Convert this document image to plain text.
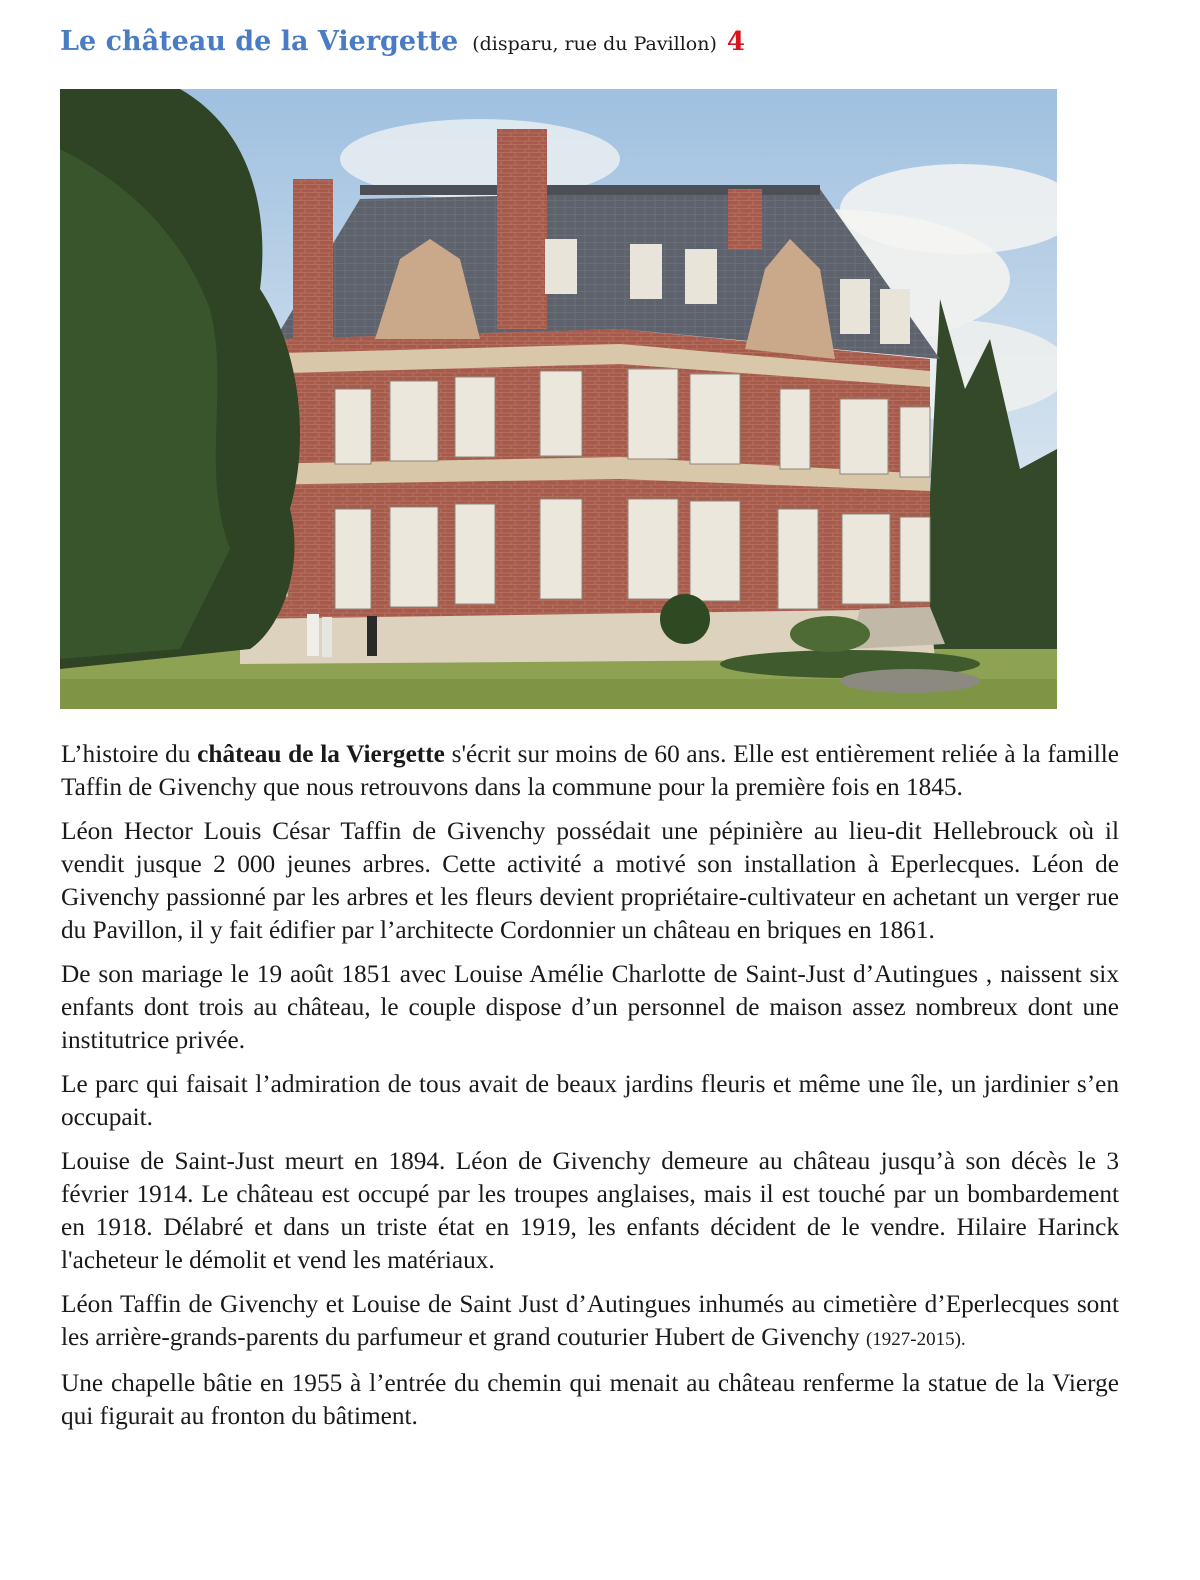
Le château de la Viergette (disparu, rue du Pavillon) 4

L’histoire du château de la Viergette s'écrit sur moins de 60 ans. Elle est entièrement reliée à la famille Taffin de Givenchy que nous retrouvons dans la commune pour la première fois en 1845.

Léon Hector Louis César Taffin de Givenchy possédait une pépinière au lieu-dit Hellebrouck où il vendit jusque 2 000 jeunes arbres. Cette activité a motivé son installation à Eperlecques. Léon de Givenchy passionné par les arbres et les fleurs devient propriétaire-cultivateur en achetant un verger rue du Pavillon, il y fait édifier par l’architecte Cordonnier un château en briques en 1861.

De son mariage le 19 août 1851 avec Louise Amélie Charlotte de Saint-Just d’Autingues , naissent six enfants dont trois au château, le couple dispose d’un personnel de maison assez nombreux dont une institutrice privée.

Le parc qui faisait l’admiration de tous avait de beaux jardins fleuris et même une île, un jardinier s’en occupait.

Louise de Saint-Just meurt en 1894. Léon de Givenchy demeure au château jusqu’à son décès le 3 février 1914. Le château est occupé par les troupes anglaises, mais il est touché par un bombardement en 1918. Délabré et dans un triste état en 1919, les enfants décident de le vendre. Hilaire Harinck l'acheteur le démolit et vend les matériaux.

Léon Taffin de Givenchy et Louise de Saint Just d’Autingues inhumés au cimetière d’Eperlecques sont les arrière-grands-parents du parfumeur et grand couturier Hubert de Givenchy (1927-2015).

Une chapelle bâtie en 1955 à l’entrée du chemin qui menait au château renferme la statue de la Vierge qui figurait au fronton du bâtiment.
